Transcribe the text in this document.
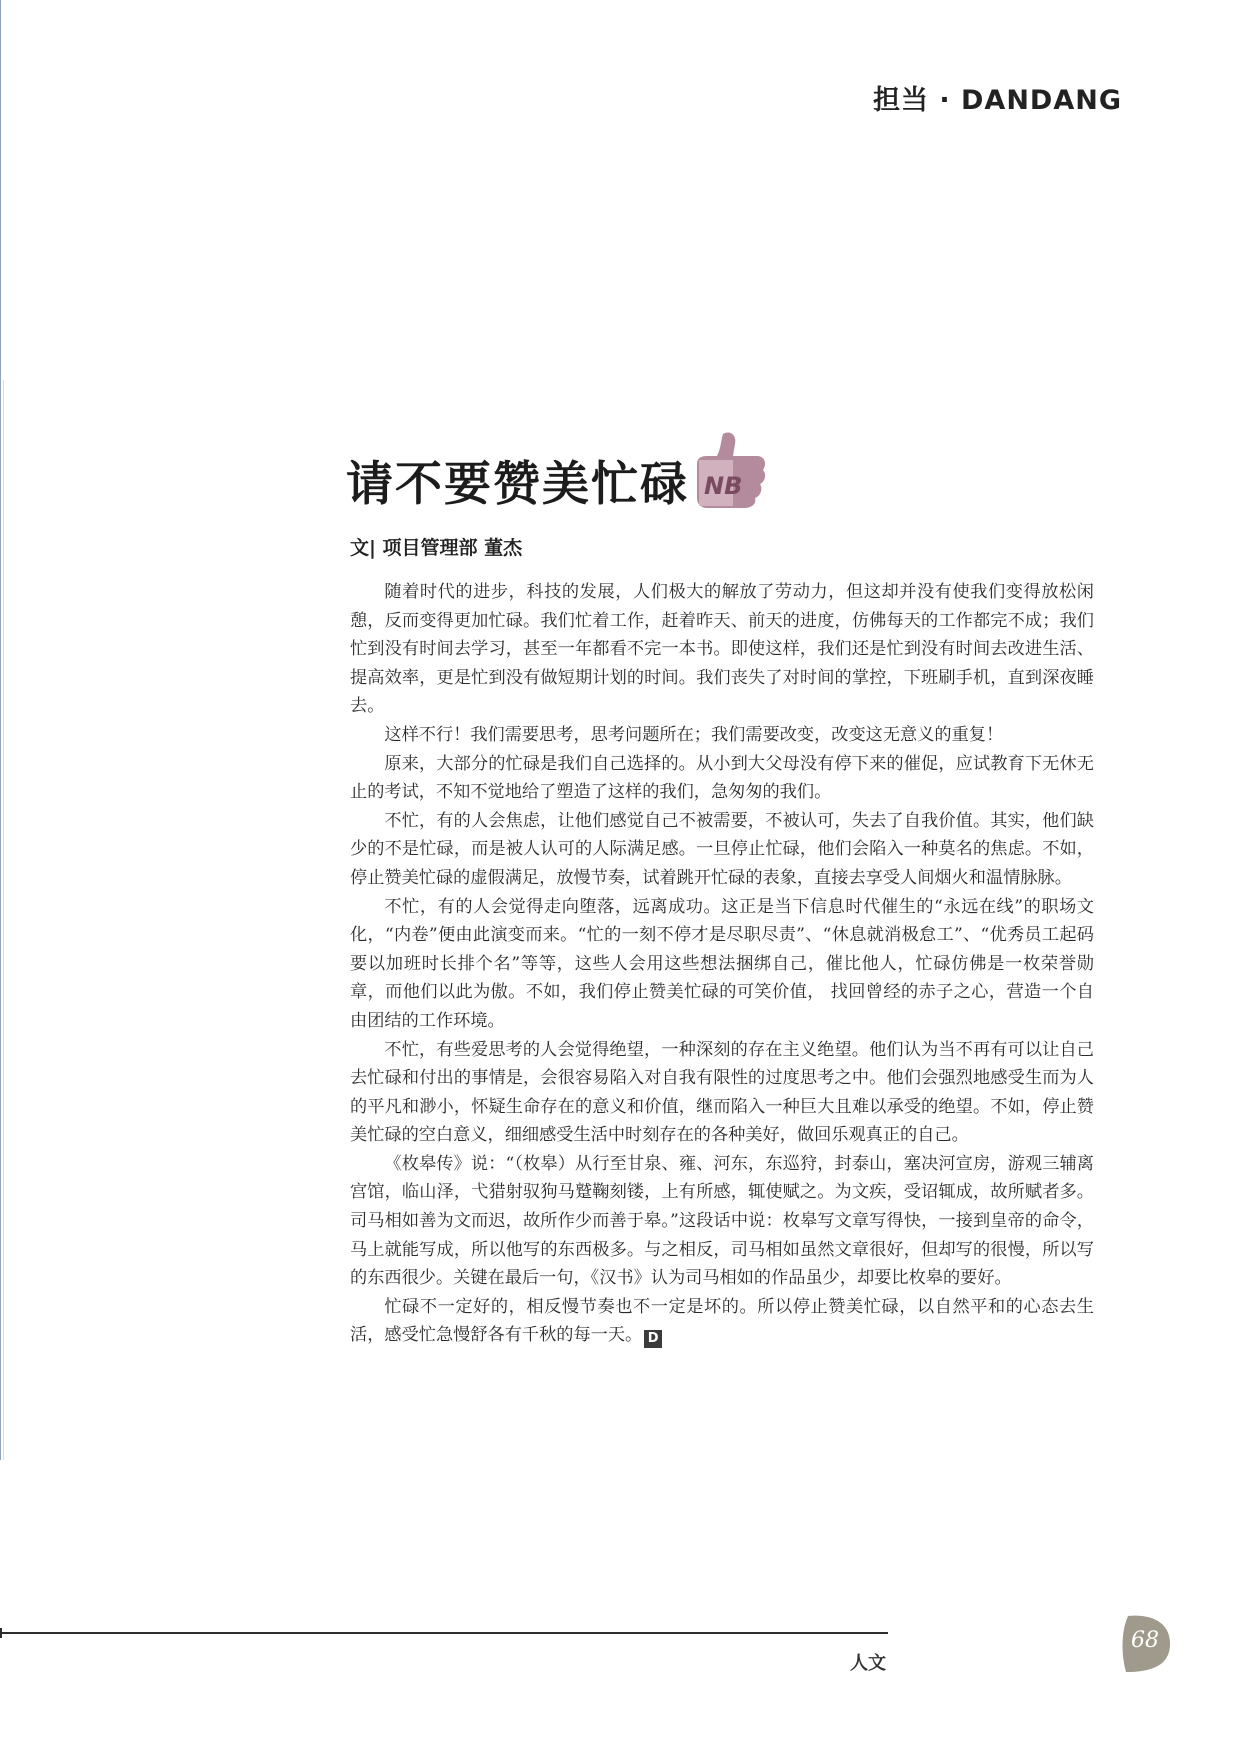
担当 · DANDANG
请不要赞美忙碌 NB
文| 项目管理部 董杰

随着时代的进步，科技的发展，人们极大的解放了劳动力，但这却并没有使我们变得放松闲憩，反而变得更加忙碌。我们忙着工作，赶着昨天、前天的进度，仿佛每天的工作都完不成；我们忙到没有时间去学习，甚至一年都看不完一本书。即使这样，我们还是忙到没有时间去改进生活、提高效率，更是忙到没有做短期计划的时间。我们丧失了对时间的掌控，下班刷手机，直到深夜睡去。

这样不行！我们需要思考，思考问题所在；我们需要改变，改变这无意义的重复！

原来，大部分的忙碌是我们自己选择的。从小到大父母没有停下来的催促，应试教育下无休无止的考试，不知不觉地给了塑造了这样的我们，急匆匆的我们。

不忙，有的人会焦虑，让他们感觉自己不被需要，不被认可，失去了自我价值。其实，他们缺少的不是忙碌，而是被人认可的人际满足感。一旦停止忙碌，他们会陷入一种莫名的焦虑。不如，停止赞美忙碌的虚假满足，放慢节奏，试着跳开忙碌的表象，直接去享受人间烟火和温情脉脉。

不忙，有的人会觉得走向堕落，远离成功。这正是当下信息时代催生的“永远在线”的职场文化，“内卷”便由此演变而来。“忙的一刻不停才是尽职尽责”、“休息就消极怠工”、“优秀员工起码要以加班时长排个名”等等，这些人会用这些想法捆绑自己，催比他人，忙碌仿佛是一枚荣誉勋章，而他们以此为傲。不如，我们停止赞美忙碌的可笑价值， 找回曾经的赤子之心，营造一个自由团结的工作环境。

不忙，有些爱思考的人会觉得绝望，一种深刻的存在主义绝望。他们认为当不再有可以让自己去忙碌和付出的事情是，会很容易陷入对自我有限性的过度思考之中。他们会强烈地感受生而为人的平凡和渺小，怀疑生命存在的意义和价值，继而陷入一种巨大且难以承受的绝望。不如，停止赞美忙碌的空白意义，细细感受生活中时刻存在的各种美好，做回乐观真正的自己。

《枚皋传》说：“（枚皋）从行至甘泉、雍、河东，东巡狩，封泰山，塞决河宣房，游观三辅离宫馆，临山泽，弋猎射驭狗马蹵鞠刻镂，上有所感，辄使赋之。为文疾，受诏辄成，故所赋者多。司马相如善为文而迟，故所作少而善于皋。”这段话中说：枚皋写文章写得快，一接到皇帝的命令，马上就能写成，所以他写的东西极多。与之相反，司马相如虽然文章很好，但却写的很慢，所以写的东西很少。关键在最后一句，《汉书》认为司马相如的作品虽少，却要比枚皋的要好。

忙碌不一定好的，相反慢节奏也不一定是坏的。所以停止赞美忙碌，以自然平和的心态去生活，感受忙急慢舒各有千秋的每一天。 D

人文
68
